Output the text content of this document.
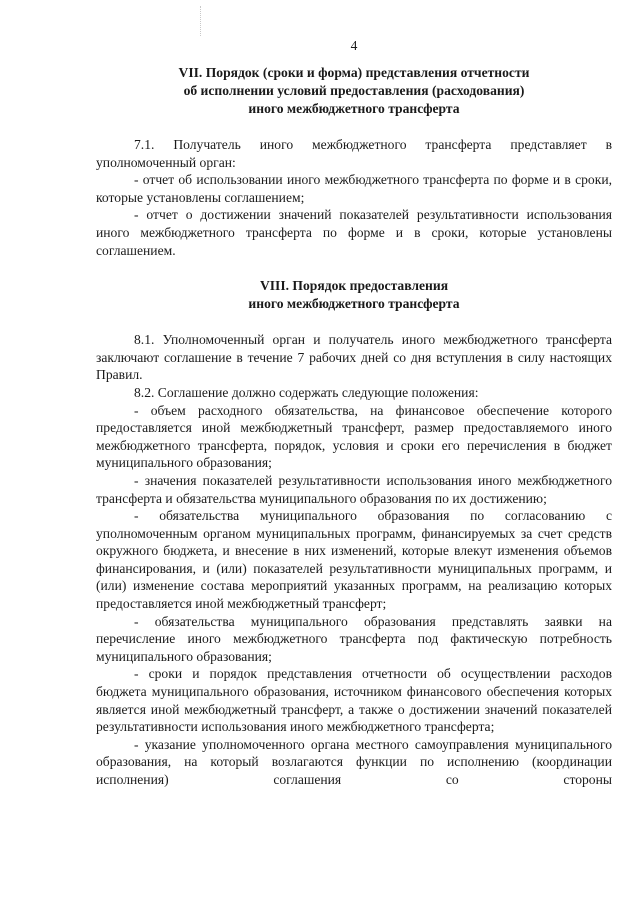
4
VII. Порядок (сроки и форма) представления отчетности
об исполнении условий предоставления (расходования)
иного межбюджетного трансферта

7.1. Получатель иного межбюджетного трансферта представляет в уполномоченный орган:

- отчет об использовании иного межбюджетного трансферта по форме и в сроки, которые установлены соглашением;

- отчет о достижении значений показателей результативности использования иного межбюджетного трансферта по форме и в сроки, которые установлены соглашением.

VIII. Порядок предоставления
иного межбюджетного трансферта

8.1. Уполномоченный орган и получатель иного межбюджетного трансферта заключают соглашение в течение 7 рабочих дней со дня вступления в силу настоящих Правил.

8.2. Соглашение должно содержать следующие положения:

- объем расходного обязательства, на финансовое обеспечение которого предоставляется иной межбюджетный трансферт, размер предоставляемого иного межбюджетного трансферта, порядок, условия и сроки его перечисления в бюджет муниципального образования;

- значения показателей результативности использования иного межбюджетного трансферта и обязательства муниципального образования по их достижению;

- обязательства муниципального образования по согласованию с уполномоченным органом муниципальных программ, финансируемых за счет средств окружного бюджета, и внесение в них изменений, которые влекут изменения объемов финансирования, и (или) показателей результативности муниципальных программ, и (или) изменение состава мероприятий указанных программ, на реализацию которых предоставляется иной межбюджетный трансферт;

- обязательства муниципального образования представлять заявки на перечисление иного межбюджетного трансферта под фактическую потребность муниципального образования;

- сроки и порядок представления отчетности об осуществлении расходов бюджета муниципального образования, источником финансового обеспечения которых является иной межбюджетный трансферт, а также о достижении значений показателей результативности использования иного межбюджетного трансферта;

- указание уполномоченного органа местного самоуправления муниципального образования, на который возлагаются функции по исполнению (координации исполнения) соглашения со стороны
